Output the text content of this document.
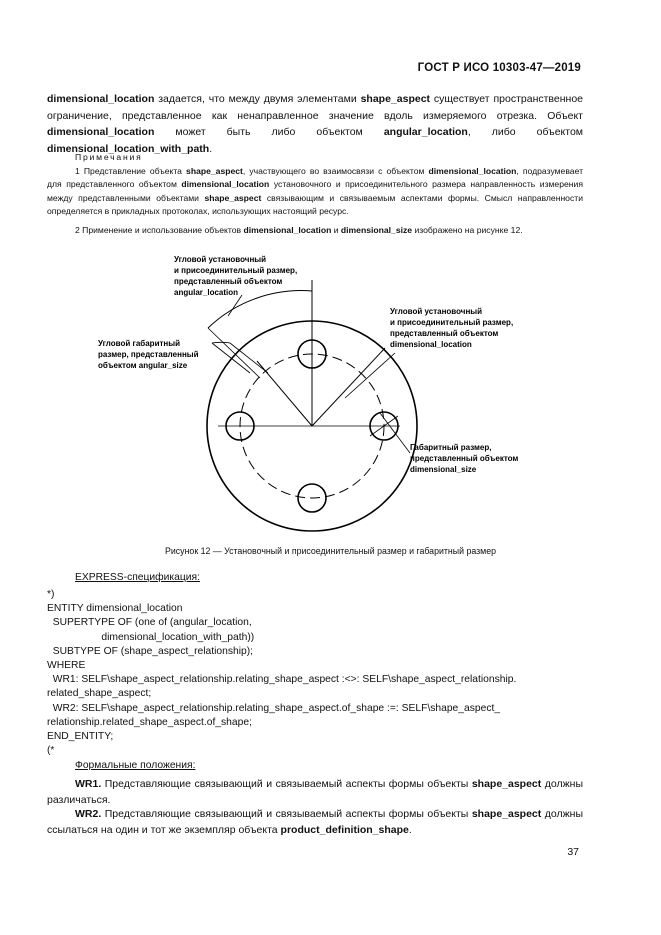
ГОСТ Р ИСО 10303-47—2019
dimensional_location задается, что между двумя элементами shape_aspect существует пространственное ограничение, представленное как ненаправленное значение вдоль измеряемого отрезка. Объект dimensional_location может быть либо объектом angular_location, либо объектом dimensional_location_with_path.
Примечания
1 Представление объекта shape_aspect, участвующего во взаимосвязи с объектом dimensional_location, подразумевает для представленного объектом dimensional_location установочного и присоединительного размера направленность измерения между представленными объектами shape_aspect связывающим и связываемым аспектами формы. Смысл направленности определяется в прикладных протоколах, использующих настоящий ресурс.
2 Применение и использование объектов dimensional_location и dimensional_size изображено на рисунке 12.
Угловой установочный и присоединительный размер, представленный объектом angular_location
Угловой установочный и присоединительный размер, представленный объектом dimensional_location
Угловой габаритный размер, представленный объектом angular_size
Габаритный размер, представленный объектом dimensional_size
Рисунок 12 — Установочный и присоединительный размер и габаритный размер
EXPRESS-спецификация:
*)
ENTITY dimensional_location
SUPERTYPE OF (one of (angular_location,
dimensional_location_with_path))
SUBTYPE OF (shape_aspect_relationship);
WHERE
WR1: SELF\shape_aspect_relationship.relating_shape_aspect :<>: SELF\shape_aspect_relationship.
related_shape_aspect;
WR2: SELF\shape_aspect_relationship.relating_shape_aspect.of_shape :=: SELF\shape_aspect_
relationship.related_shape_aspect.of_shape;
END_ENTITY;
(*
Формальные положения:
WR1. Представляющие связывающий и связываемый аспекты формы объекты shape_aspect должны различаться.
WR2. Представляющие связывающий и связываемый аспекты формы объекты shape_aspect должны ссылаться на один и тот же экземпляр объекта product_definition_shape.
37
